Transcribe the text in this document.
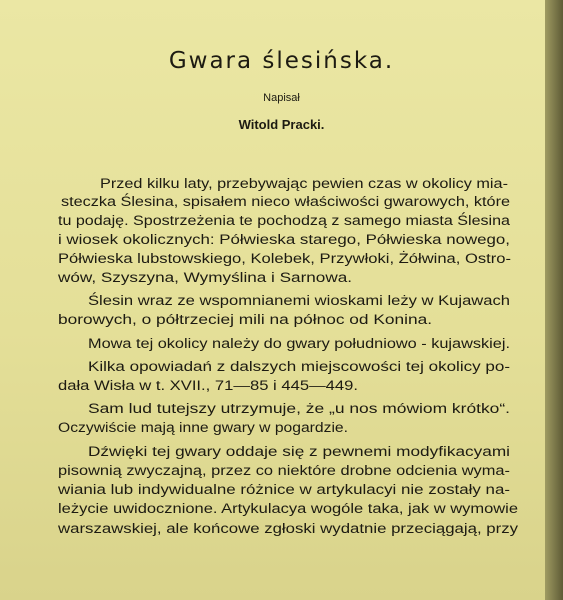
Gwara ślesińska.
Napisał
Witold Pracki.
Przed kilku laty, przebywając pewien czas w okolicy mia-
steczka Ślesina, spisałem nieco właściwości gwarowych, które
tu podaję. Spostrzeżenia te pochodzą z samego miasta Ślesina
i wiosek okolicznych: Półwieska starego, Półwieska nowego,
Półwieska lubstowskiego, Kolebek, Przywłoki, Żółwina, Ostro-
wów, Szyszyna, Wymyślina i Sarnowa.
Ślesin wraz ze wspomnianemi wioskami leży w Kujawach
borowych, o półtrzeciej mili na północ od Konina.
Mowa tej okolicy należy do gwary południowo - kujawskiej.
Kilka opowiadań z dalszych miejscowości tej okolicy po-
dała Wisła w t. XVII., 71—85 i 445—449.
Sam lud tutejszy utrzymuje, że „u nos mówiom krótko“.
Oczywiście mają inne gwary w pogardzie.
Dźwięki tej gwary oddaje się z pewnemi modyfikacyami
pisownią zwyczajną, przez co niektóre drobne odcienia wyma-
wiania lub indywidualne różnice w artykulacyi nie zostały na-
leżycie uwidocznione. Artykulacya wogóle taka, jak w wymowie
warszawskiej, ale końcowe zgłoski wydatnie przeciągają, przy
